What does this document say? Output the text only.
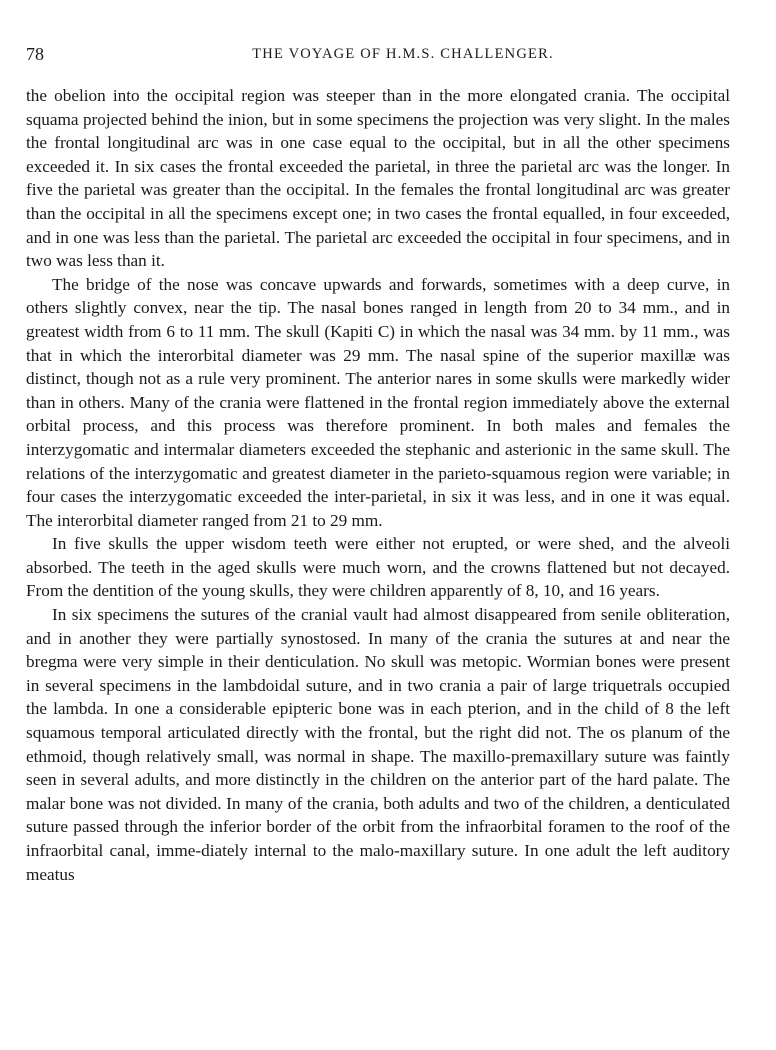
78	THE VOYAGE OF H.M.S. CHALLENGER.

the obelion into the occipital region was steeper than in the more elongated crania. The occipital squama projected behind the inion, but in some specimens the projection was very slight. In the males the frontal longitudinal arc was in one case equal to the occipital, but in all the other specimens exceeded it. In six cases the frontal exceeded the parietal, in three the parietal arc was the longer. In five the parietal was greater than the occipital. In the females the frontal longitudinal arc was greater than the occipital in all the specimens except one; in two cases the frontal equalled, in four exceeded, and in one was less than the parietal. The parietal arc exceeded the occipital in four specimens, and in two was less than it.

The bridge of the nose was concave upwards and forwards, sometimes with a deep curve, in others slightly convex, near the tip. The nasal bones ranged in length from 20 to 34 mm., and in greatest width from 6 to 11 mm. The skull (Kapiti C) in which the nasal was 34 mm. by 11 mm., was that in which the interorbital diameter was 29 mm. The nasal spine of the superior maxillæ was distinct, though not as a rule very prominent. The anterior nares in some skulls were markedly wider than in others. Many of the crania were flattened in the frontal region immediately above the external orbital process, and this process was therefore prominent. In both males and females the interzygomatic and intermalar diameters exceeded the stephanic and asterionic in the same skull. The relations of the interzygomatic and greatest diameter in the parieto-squamous region were variable; in four cases the interzygomatic exceeded the inter-parietal, in six it was less, and in one it was equal. The interorbital diameter ranged from 21 to 29 mm.

In five skulls the upper wisdom teeth were either not erupted, or were shed, and the alveoli absorbed. The teeth in the aged skulls were much worn, and the crowns flattened but not decayed. From the dentition of the young skulls, they were children apparently of 8, 10, and 16 years.

In six specimens the sutures of the cranial vault had almost disappeared from senile obliteration, and in another they were partially synostosed. In many of the crania the sutures at and near the bregma were very simple in their denticulation. No skull was metopic. Wormian bones were present in several specimens in the lambdoidal suture, and in two crania a pair of large triquetrals occupied the lambda. In one a considerable epipteric bone was in each pterion, and in the child of 8 the left squamous temporal articulated directly with the frontal, but the right did not. The os planum of the ethmoid, though relatively small, was normal in shape. The maxillo-premaxillary suture was faintly seen in several adults, and more distinctly in the children on the anterior part of the hard palate. The malar bone was not divided. In many of the crania, both adults and two of the children, a denticulated suture passed through the inferior border of the orbit from the infraorbital foramen to the roof of the infraorbital canal, imme-diately internal to the malo-maxillary suture. In one adult the left auditory meatus
